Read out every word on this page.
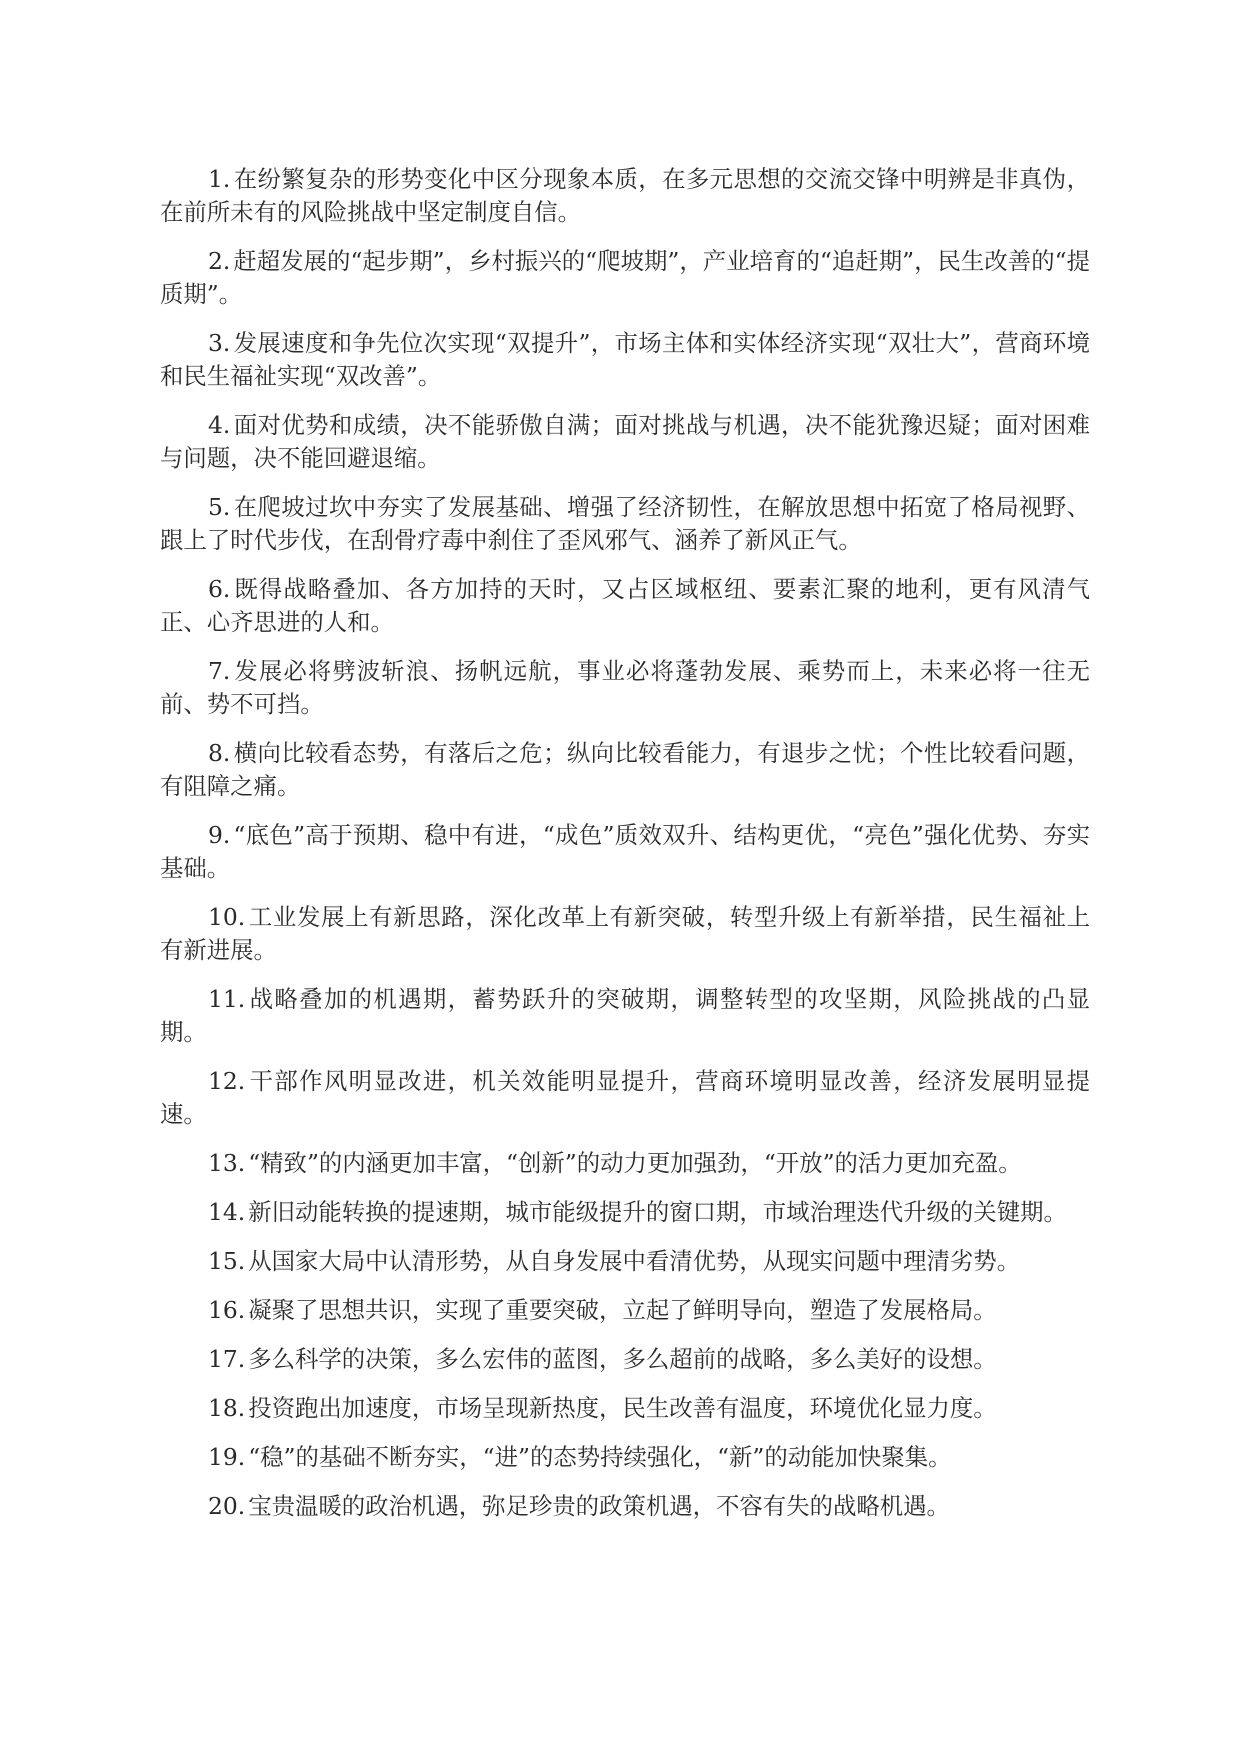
1. 在纷繁复杂的形势变化中区分现象本质，在多元思想的交流交锋中明辨是非真伪，在前所未有的风险挑战中坚定制度自信。

2. 赶超发展的“起步期”，乡村振兴的“爬坡期”，产业培育的“追赶期”，民生改善的“提质期”。

3. 发展速度和争先位次实现“双提升”，市场主体和实体经济实现“双壮大”，营商环境和民生福祉实现“双改善”。

4. 面对优势和成绩，决不能骄傲自满；面对挑战与机遇，决不能犹豫迟疑；面对困难与问题，决不能回避退缩。

5. 在爬坡过坎中夯实了发展基础、增强了经济韧性，在解放思想中拓宽了格局视野、跟上了时代步伐，在刮骨疗毒中刹住了歪风邪气、涵养了新风正气。

6. 既得战略叠加、各方加持的天时，又占区域枢纽、要素汇聚的地利，更有风清气正、心齐思进的人和。

7. 发展必将劈波斩浪、扬帆远航，事业必将蓬勃发展、乘势而上，未来必将一往无前、势不可挡。

8. 横向比较看态势，有落后之危；纵向比较看能力，有退步之忧；个性比较看问题，有阻障之痛。

9. “底色”高于预期、稳中有进，“成色”质效双升、结构更优，“亮色”强化优势、夯实基础。

10. 工业发展上有新思路，深化改革上有新突破，转型升级上有新举措，民生福祉上有新进展。

11. 战略叠加的机遇期，蓄势跃升的突破期，调整转型的攻坚期，风险挑战的凸显期。

12. 干部作风明显改进，机关效能明显提升，营商环境明显改善，经济发展明显提速。

13. “精致”的内涵更加丰富，“创新”的动力更加强劲，“开放”的活力更加充盈。

14. 新旧动能转换的提速期，城市能级提升的窗口期，市域治理迭代升级的关键期。

15. 从国家大局中认清形势，从自身发展中看清优势，从现实问题中理清劣势。

16. 凝聚了思想共识，实现了重要突破，立起了鲜明导向，塑造了发展格局。

17. 多么科学的决策，多么宏伟的蓝图，多么超前的战略，多么美好的设想。

18. 投资跑出加速度，市场呈现新热度，民生改善有温度，环境优化显力度。

19. “稳”的基础不断夯实，“进”的态势持续强化，“新”的动能加快聚集。

20. 宝贵温暖的政治机遇，弥足珍贵的政策机遇，不容有失的战略机遇。
